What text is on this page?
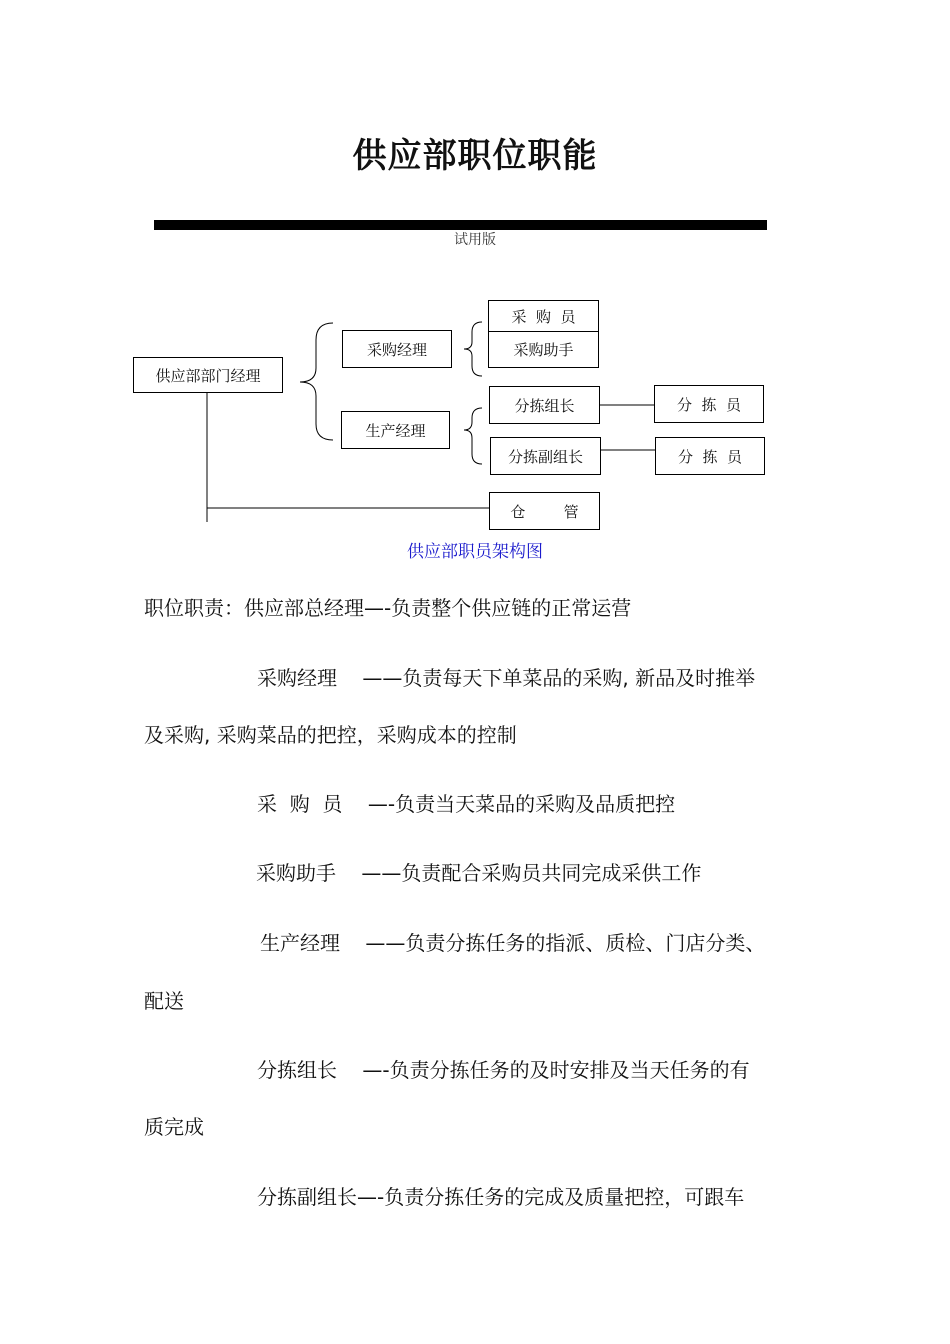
供应部职位职能
试用版
供应部部门经理
采购经理
生产经理
采  购  员
采购助手
分拣组长
分拣副组长
分  拣  员
分  拣  员
仓        管
供应部职员架构图
职位职责：供应部总经理—-负责整个供应链的正常运营
采购经理    ——负责每天下单菜品的采购, 新品及时推举
及采购, 采购菜品的把控，采购成本的控制
采  购  员    —-负责当天菜品的采购及品质把控
采购助手    ——负责配合采购员共同完成采供工作
生产经理    ——负责分拣任务的指派、质检、门店分类、
配送
分拣组长    —-负责分拣任务的及时安排及当天任务的有
质完成
分拣副组长—-负责分拣任务的完成及质量把控，可跟车
